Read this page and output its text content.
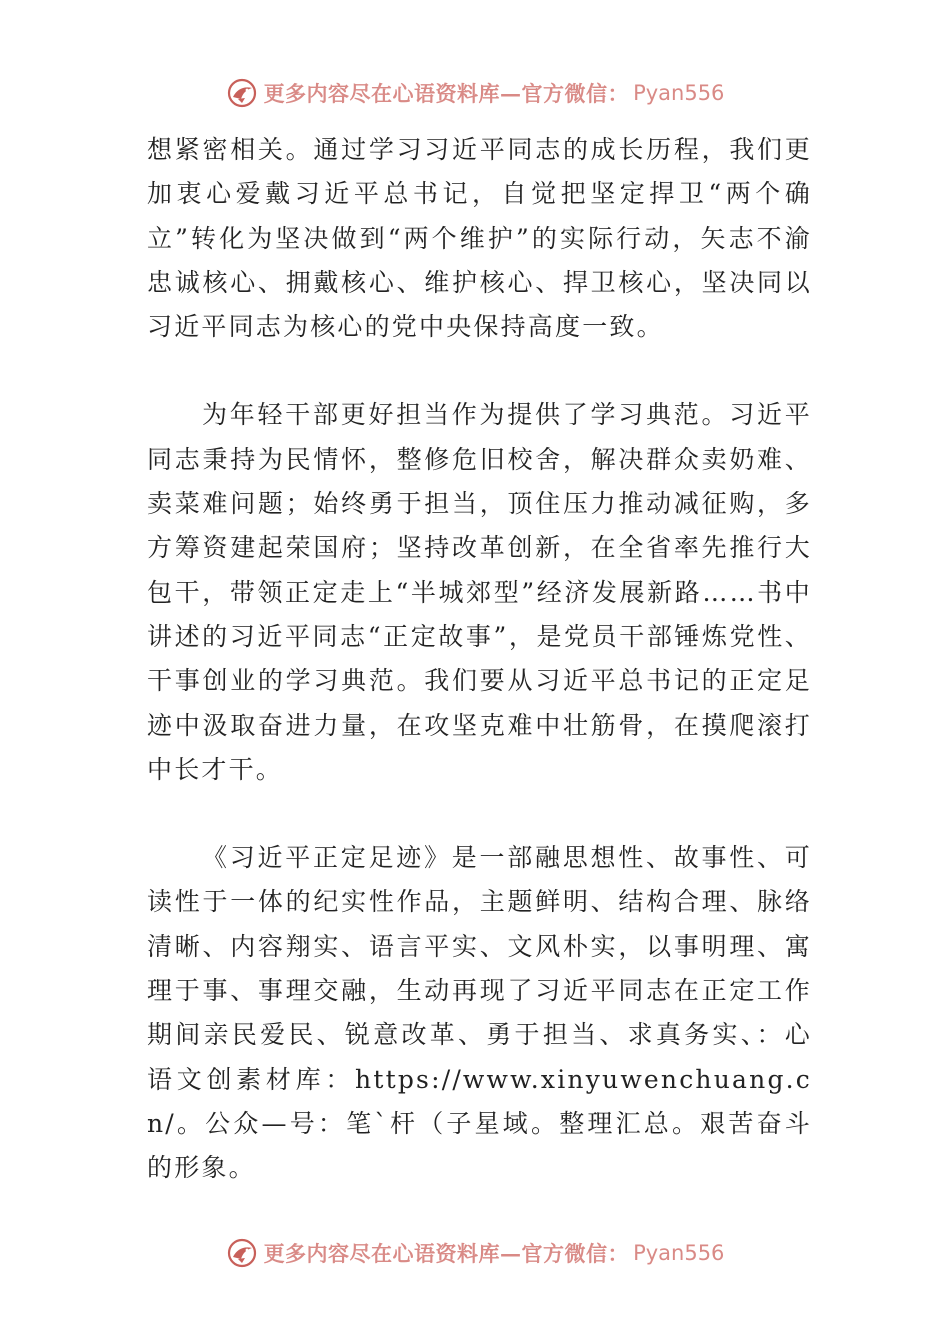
更多内容尽在心语资料库—官方微信： Pyan556

想紧密相关。通过学习习近平同志的成长历程，我们更加衷心爱戴习近平总书记，自觉把坚定捍卫“两个确立”转化为坚决做到“两个维护”的实际行动，矢志不渝忠诚核心、拥戴核心、维护核心、捍卫核心，坚决同以习近平同志为核心的党中央保持高度一致。

为年轻干部更好担当作为提供了学习典范。习近平同志秉持为民情怀，整修危旧校舍，解决群众卖奶难、卖菜难问题；始终勇于担当，顶住压力推动减征购，多方筹资建起荣国府；坚持改革创新，在全省率先推行大包干，带领正定走上“半城郊型”经济发展新路……书中讲述的习近平同志“正定故事”，是党员干部锤炼党性、干事创业的学习典范。我们要从习近平总书记的正定足迹中汲取奋进力量，在攻坚克难中壮筋骨，在摸爬滚打中长才干。

《习近平正定足迹》是一部融思想性、故事性、可读性于一体的纪实性作品，主题鲜明、结构合理、脉络清晰、内容翔实、语言平实、文风朴实，以事明理、寓理于事、事理交融，生动再现了习近平同志在正定工作期间亲民爱民、锐意改革、勇于担当、求真务实、：心语文创素材库：https://www.xinyuwenchuang.cn/。公众—号：笔`杆（子星域。整理汇总。艰苦奋斗的形象。

更多内容尽在心语资料库—官方微信： Pyan556
